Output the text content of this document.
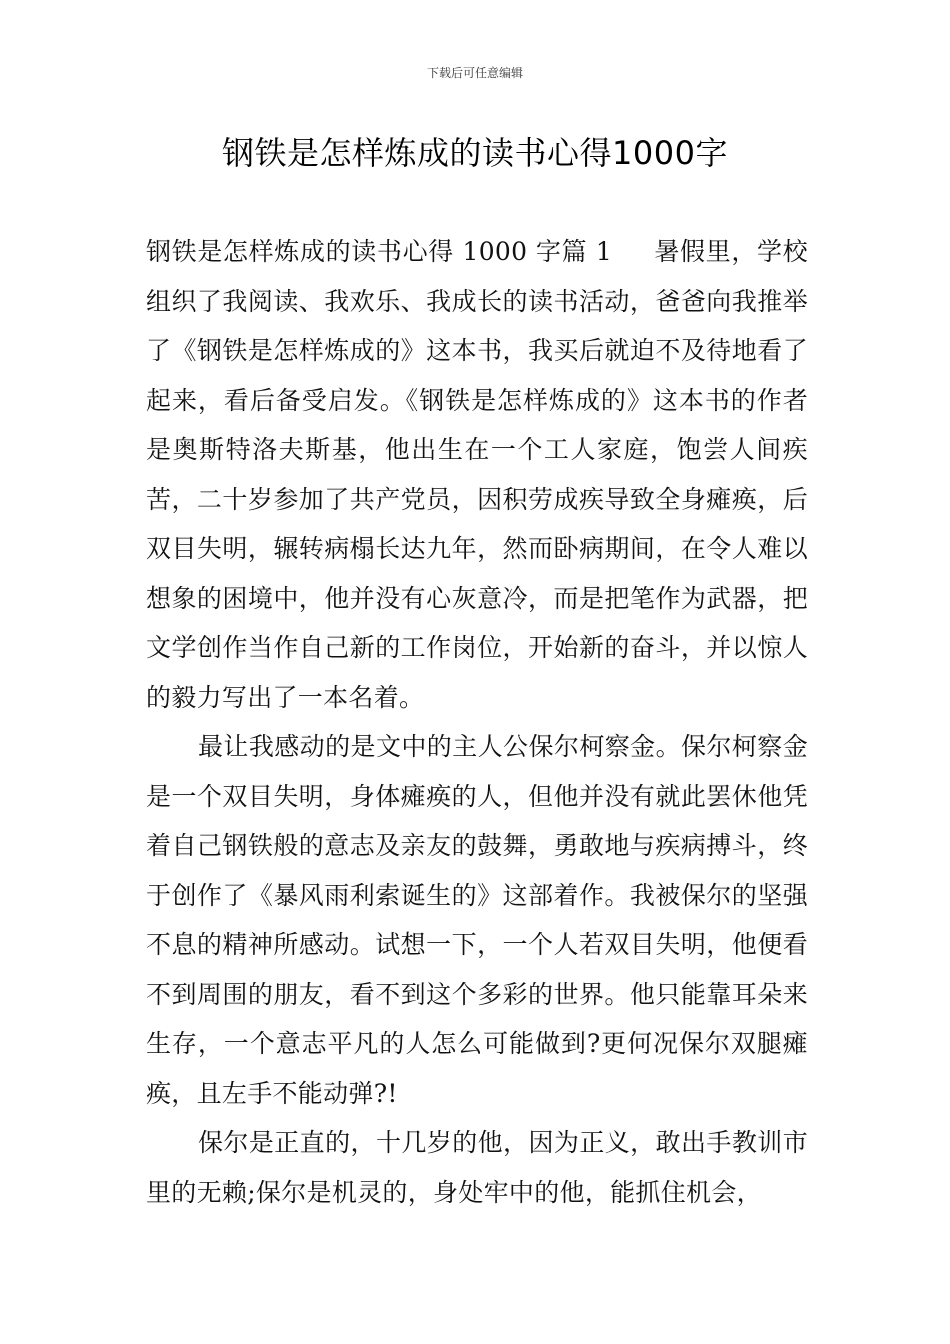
下载后可任意编辑
钢铁是怎样炼成的读书心得1000字

钢铁是怎样炼成的读书心得 1000 字篇 1 暑假里，学校组织了我阅读、我欢乐、我成长的读书活动，爸爸向我推举了《钢铁是怎样炼成的》这本书，我买后就迫不及待地看了起来，看后备受启发。《钢铁是怎样炼成的》这本书的作者是奥斯特洛夫斯基，他出生在一个工人家庭，饱尝人间疾苦，二十岁参加了共产党员，因积劳成疾导致全身瘫痪，后双目失明，辗转病榻长达九年，然而卧病期间，在令人难以想象的困境中，他并没有心灰意冷，而是把笔作为武器，把文学创作当作自己新的工作岗位，开始新的奋斗，并以惊人的毅力写出了一本名着。

最让我感动的是文中的主人公保尔柯察金。保尔柯察金是一个双目失明，身体瘫痪的人，但他并没有就此罢休他凭着自己钢铁般的意志及亲友的鼓舞，勇敢地与疾病搏斗，终于创作了《暴风雨利索诞生的》这部着作。我被保尔的坚强不息的精神所感动。试想一下，一个人若双目失明，他便看不到周围的朋友，看不到这个多彩的世界。他只能靠耳朵来生存，一个意志平凡的人怎么可能做到?更何况保尔双腿瘫痪，且左手不能动弹?!

保尔是正直的，十几岁的他，因为正义，敢出手教训市里的无赖;保尔是机灵的，身处牢中的他，能抓住机会，
